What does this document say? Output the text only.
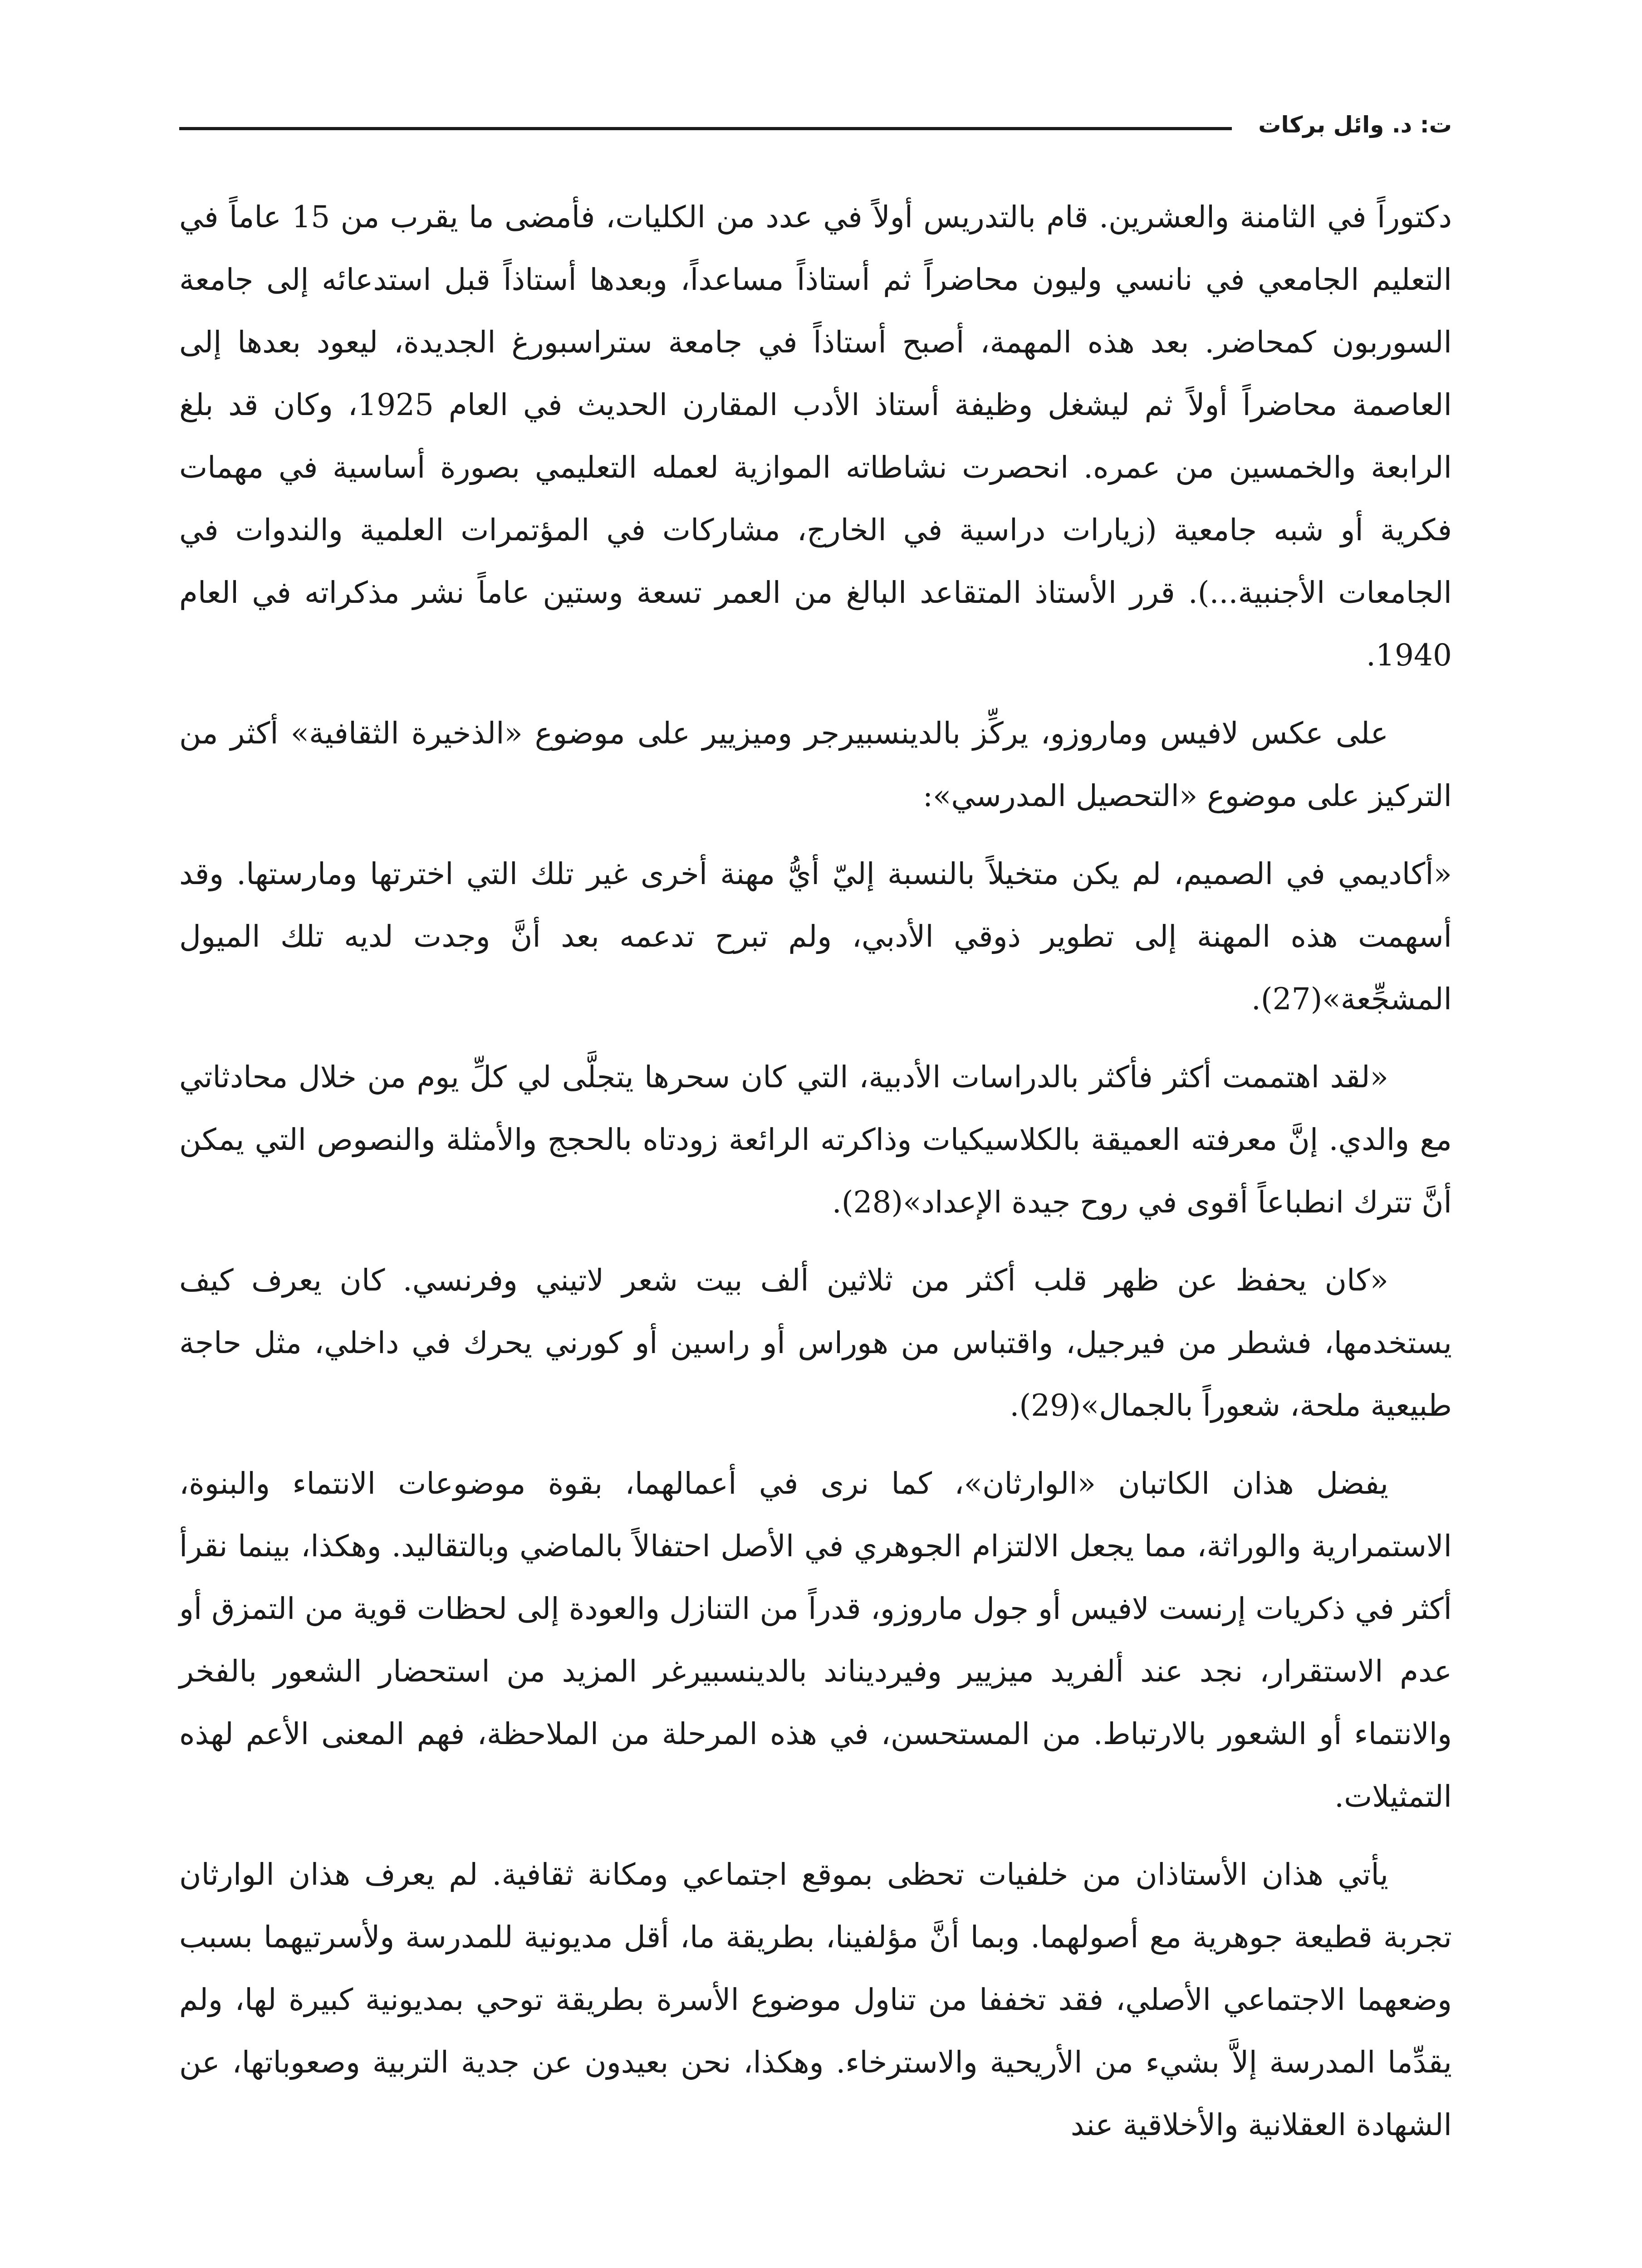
ت: د. وائل بركات

دكتوراً في الثامنة والعشرين. قام بالتدريس أولاً في عدد من الكليات، فأمضى ما يقرب من 15 عاماً في التعليم الجامعي في نانسي وليون محاضراً ثم أستاذاً مساعداً، وبعدها أستاذاً قبل استدعائه إلى جامعة السوربون كمحاضر. بعد هذه المهمة، أصبح أستاذاً في جامعة ستراسبورغ الجديدة، ليعود بعدها إلى العاصمة محاضراً أولاً ثم ليشغل وظيفة أستاذ الأدب المقارن الحديث في العام 1925، وكان قد بلغ الرابعة والخمسين من عمره. انحصرت نشاطاته الموازية لعمله التعليمي بصورة أساسية في مهمات فكرية أو شبه جامعية (زيارات دراسية في الخارج، مشاركات في المؤتمرات العلمية والندوات في الجامعات الأجنبية...). قرر الأستاذ المتقاعد البالغ من العمر تسعة وستين عاماً نشر مذكراته في العام 1940.

على عكس لافيس وماروزو، يركِّز بالدينسبيرجر وميزيير على موضوع «الذخيرة الثقافية» أكثر من التركيز على موضوع «التحصيل المدرسي»:

«أكاديمي في الصميم، لم يكن متخيلاً بالنسبة إليّ أيُّ مهنة أخرى غير تلك التي اخترتها ومارستها. وقد أسهمت هذه المهنة إلى تطوير ذوقي الأدبي، ولم تبرح تدعمه بعد أنَّ وجدت لديه تلك الميول المشجِّعة»(27).

«لقد اهتممت أكثر فأكثر بالدراسات الأدبية، التي كان سحرها يتجلَّى لي كلِّ يوم من خلال محادثاتي مع والدي. إنَّ معرفته العميقة بالكلاسيكيات وذاكرته الرائعة زودتاه بالحجج والأمثلة والنصوص التي يمكن أنَّ تترك انطباعاً أقوى في روح جيدة الإعداد»(28).

«كان يحفظ عن ظهر قلب أكثر من ثلاثين ألف بيت شعر لاتيني وفرنسي. كان يعرف كيف يستخدمها، فشطر من فيرجيل، واقتباس من هوراس أو راسين أو كورني يحرك في داخلي، مثل حاجة طبيعية ملحة، شعوراً بالجمال»(29).

يفضل هذان الكاتبان «الوارثان»، كما نرى في أعمالهما، بقوة موضوعات الانتماء والبنوة، الاستمرارية والوراثة، مما يجعل الالتزام الجوهري في الأصل احتفالاً بالماضي وبالتقاليد. وهكذا، بينما نقرأ أكثر في ذكريات إرنست لافيس أو جول ماروزو، قدراً من التنازل والعودة إلى لحظات قوية من التمزق أو عدم الاستقرار، نجد عند ألفريد ميزيير وفيرديناند بالدينسبيرغر المزيد من استحضار الشعور بالفخر والانتماء أو الشعور بالارتباط. من المستحسن، في هذه المرحلة من الملاحظة، فهم المعنى الأعم لهذه التمثيلات.

يأتي هذان الأستاذان من خلفيات تحظى بموقع اجتماعي ومكانة ثقافية. لم يعرف هذان الوارثان تجربة قطيعة جوهرية مع أصولهما. وبما أنَّ مؤلفينا، بطريقة ما، أقل مديونية للمدرسة ولأسرتيهما بسبب وضعهما الاجتماعي الأصلي، فقد تخففا من تناول موضوع الأسرة بطريقة توحي بمديونية كبيرة لها، ولم يقدِّما المدرسة إلاَّ بشيء من الأريحية والاسترخاء. وهكذا، نحن بعيدون عن جدية التربية وصعوباتها، عن الشهادة العقلانية والأخلاقية عند
